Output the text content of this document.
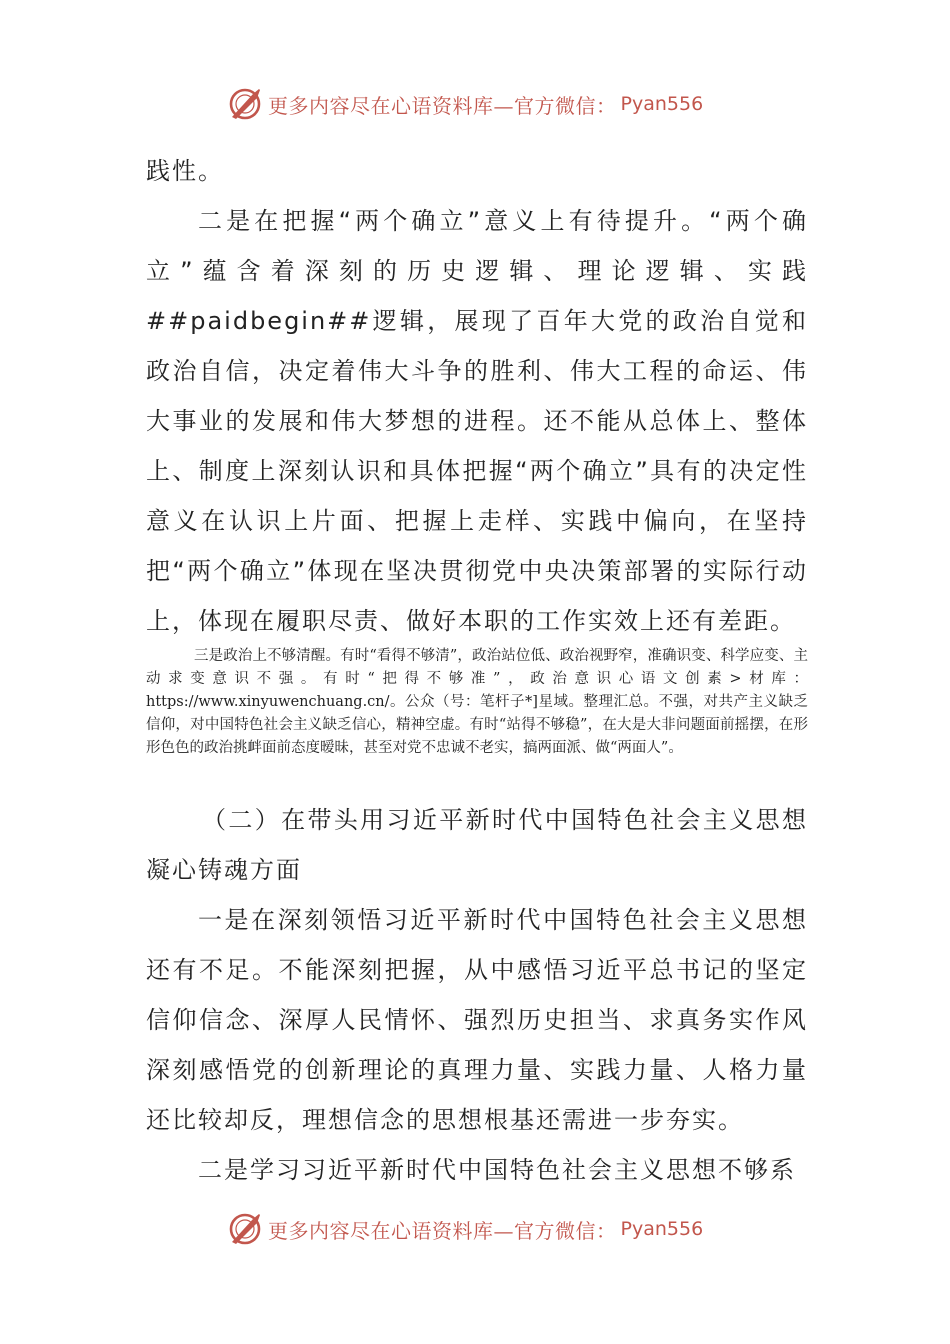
更多内容尽在心语资料库—官方微信： Pyan556

践性。

二是在把握“两个确立”意义上有待提升。“两个确立”蕴含着深刻的历史逻辑、理论逻辑、实践##paidbegin##逻辑，展现了百年大党的政治自觉和政治自信，决定着伟大斗争的胜利、伟大工程的命运、伟大事业的发展和伟大梦想的进程。还不能从总体上、整体上、制度上深刻认识和具体把握“两个确立”具有的决定性意义在认识上片面、把握上走样、实践中偏向，在坚持把“两个确立”体现在坚决贯彻党中央决策部署的实际行动上，体现在履职尽责、做好本职的工作实效上还有差距。

三是政治上不够清醒。有时“看得不够清”，政治站位低、政治视野窄，准确识变、科学应变、主动求变意识不强。有时“把得不够准”，政治意识心语文创素>材库：https://www.xinyuwenchuang.cn/。公众（号：笔杆子*]星域。整理汇总。不强，对共产主义缺乏信仰，对中国特色社会主义缺乏信心，精神空虚。有时“站得不够稳”，在大是大非问题面前摇摆，在形形色色的政治挑衅面前态度暧昧，甚至对党不忠诚不老实，搞两面派、做“两面人”。

（二）在带头用习近平新时代中国特色社会主义思想凝心铸魂方面

一是在深刻领悟习近平新时代中国特色社会主义思想还有不足。不能深刻把握，从中感悟习近平总书记的坚定信仰信念、深厚人民情怀、强烈历史担当、求真务实作风深刻感悟党的创新理论的真理力量、实践力量、人格力量还比较却反，理想信念的思想根基还需进一步夯实。

二是学习习近平新时代中国特色社会主义思想不够系

更多内容尽在心语资料库—官方微信： Pyan556
